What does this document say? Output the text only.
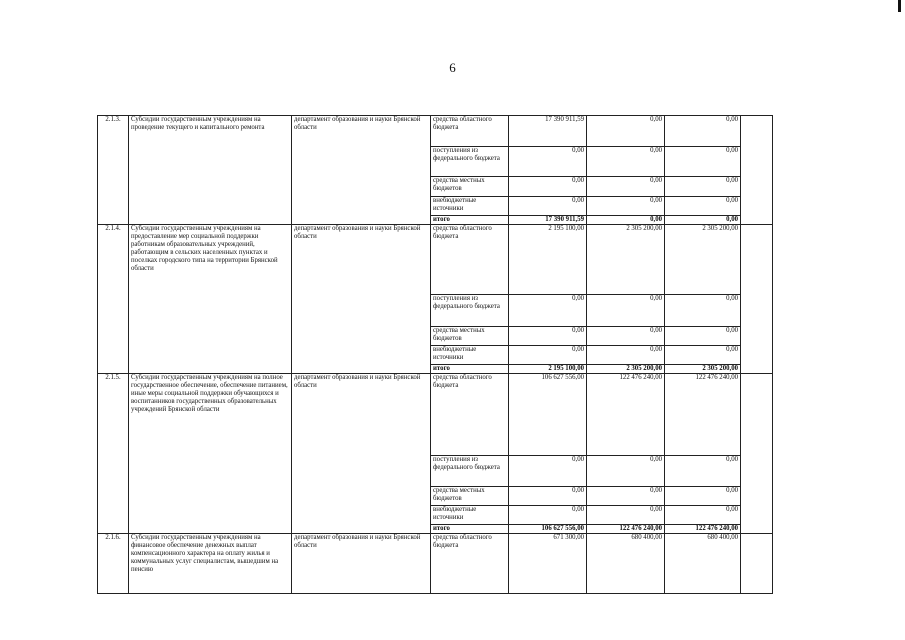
6
2.1.3.	Субсидии государственным учреждениям на проведение текущего и капитального ремонта	департамент образования и науки Брянской области	средства областного бюджета	17 390 911,59	0,00	0,00	
			поступления из федерального бюджета	0,00	0,00	0,00	
			средства местных бюджетов	0,00	0,00	0,00	
			внебюджетные источники	0,00	0,00	0,00	
			итого	17 390 911,59	0,00	0,00	
2.1.4.	Субсидии государственным учреждениям на предоставление мер социальной поддержки работникам образовательных учреждений, работающим в сельских населенных пунктах и поселках городского типа на территории Брянской области	департамент образования и науки Брянской области	средства областного бюджета	2 195 100,00	2 305 200,00	2 305 200,00	
			поступления из федерального бюджета	0,00	0,00	0,00	
			средства местных бюджетов	0,00	0,00	0,00	
			внебюджетные источники	0,00	0,00	0,00	
			итого	2 195 100,00	2 305 200,00	2 305 200,00	
2.1.5.	Субсидии государственным учреждениям на полное государственное обеспечение, обеспечение питанием, иные меры социальной поддержки обучающихся и воспитанников государственных образовательных учреждений Брянской области	департамент образования и науки Брянской области	средства областного бюджета	106 627 556,00	122 476 240,00	122 476 240,00	
			поступления из федерального бюджета	0,00	0,00	0,00	
			средства местных бюджетов	0,00	0,00	0,00	
			внебюджетные источники	0,00	0,00	0,00	
			итого	106 627 556,00	122 476 240,00	122 476 240,00	
2.1.6.	Субсидии государственным учреждениям на финансовое обеспечение денежных выплат компенсационного характера на оплату жилья и коммунальных услуг специалистам, вышедшим на пенсию	департамент образования и науки Брянской области	средства областного бюджета	671 300,00	680 400,00	680 400,00	
